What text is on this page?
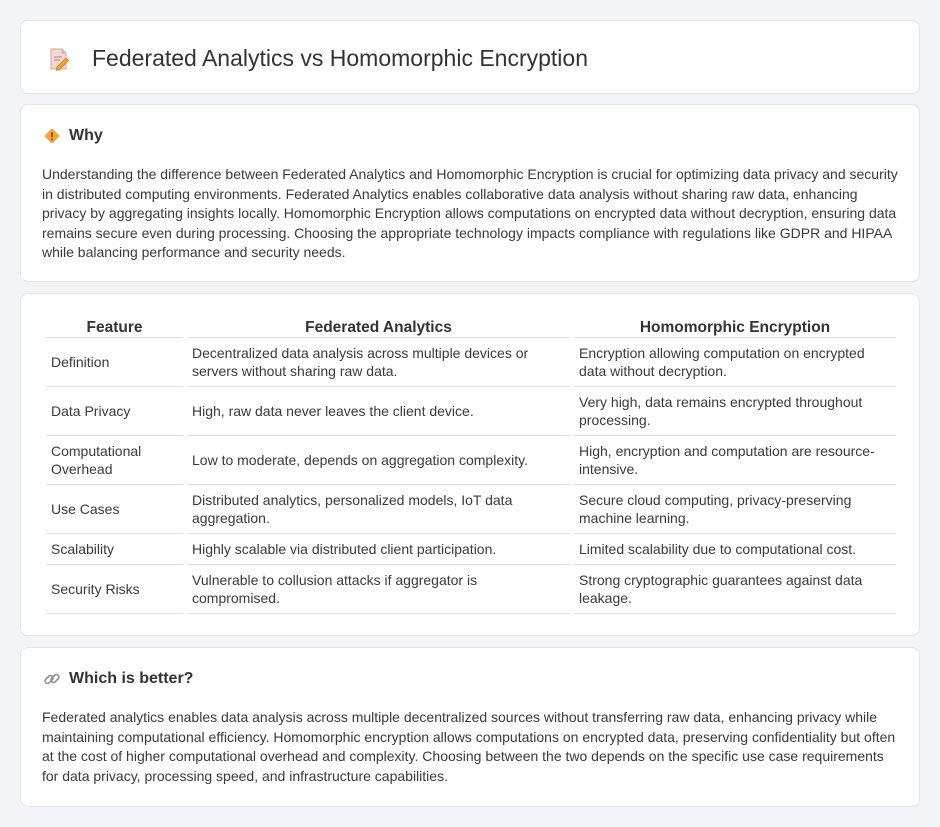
Federated Analytics vs Homomorphic Encryption
Why

Understanding the difference between Federated Analytics and Homomorphic Encryption is crucial for optimizing data privacy and security in distributed computing environments. Federated Analytics enables collaborative data analysis without sharing raw data, enhancing privacy by aggregating insights locally. Homomorphic Encryption allows computations on encrypted data without decryption, ensuring data remains secure even during processing. Choosing the appropriate technology impacts compliance with regulations like GDPR and HIPAA while balancing performance and security needs.

Feature	Federated Analytics	Homomorphic Encryption
Definition	Decentralized data analysis across multiple devices or servers without sharing raw data.	Encryption allowing computation on encrypted data without decryption.
Data Privacy	High, raw data never leaves the client device.	Very high, data remains encrypted throughout processing.
Computational Overhead	Low to moderate, depends on aggregation complexity.	High, encryption and computation are resource-intensive.
Use Cases	Distributed analytics, personalized models, IoT data aggregation.	Secure cloud computing, privacy-preserving machine learning.
Scalability	Highly scalable via distributed client participation.	Limited scalability due to computational cost.
Security Risks	Vulnerable to collusion attacks if aggregator is compromised.	Strong cryptographic guarantees against data leakage.
Which is better?

Federated analytics enables data analysis across multiple decentralized sources without transferring raw data, enhancing privacy while maintaining computational efficiency. Homomorphic encryption allows computations on encrypted data, preserving confidentiality but often at the cost of higher computational overhead and complexity. Choosing between the two depends on the specific use case requirements for data privacy, processing speed, and infrastructure capabilities.
